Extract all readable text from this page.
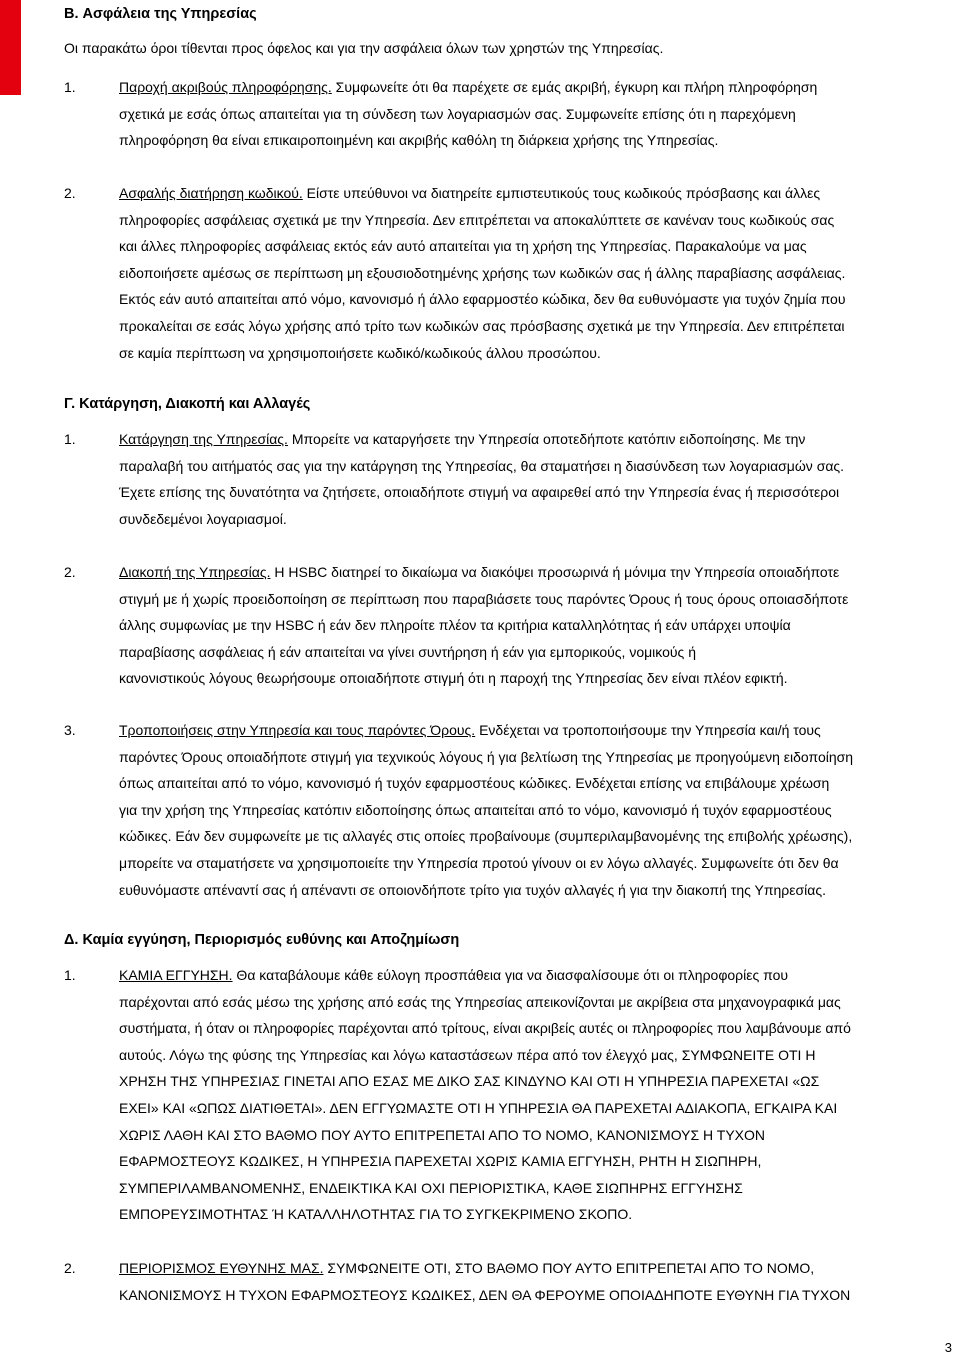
B. Ασφάλεια της Υπηρεσίας
Οι παρακάτω όροι τίθενται προς όφελος και για την ασφάλεια όλων των χρηστών της Υπηρεσίας.
1.	Παροχή ακριβούς πληροφόρησης. Συμφωνείτε ότι θα παρέχετε σε εμάς ακριβή, έγκυρη και πλήρη πληροφόρηση
σχετικά με εσάς όπως απαιτείται για τη σύνδεση των λογαριασμών σας. Συμφωνείτε επίσης ότι η παρεχόμενη
πληροφόρηση θα είναι επικαιροποιημένη και ακριβής καθόλη τη διάρκεια χρήσης της Υπηρεσίας.
2.	Ασφαλής διατήρηση κωδικού. Είστε υπεύθυνοι να διατηρείτε εμπιστευτικούς τους κωδικούς πρόσβασης και άλλες
πληροφορίες ασφάλειας σχετικά με την Υπηρεσία. Δεν επιτρέπεται να αποκαλύπτετε σε κανέναν τους κωδικούς σας
και άλλες πληροφορίες ασφάλειας εκτός εάν αυτό απαιτείται για τη χρήση της Υπηρεσίας. Παρακαλούμε να μας
ειδοποιήσετε αμέσως σε περίπτωση μη εξουσιοδοτημένης χρήσης των κωδικών σας ή άλλης παραβίασης ασφάλειας.
Εκτός εάν αυτό απαιτείται από νόμο, κανονισμό ή άλλο εφαρμοστέο κώδικα, δεν θα ευθυνόμαστε για τυχόν ζημία που
προκαλείται σε εσάς λόγω χρήσης από τρίτο των κωδικών σας πρόσβασης σχετικά με την Υπηρεσία. Δεν επιτρέπεται
σε καμία περίπτωση να χρησιμοποιήσετε κωδικό/κωδικούς άλλου προσώπου.
Γ. Κατάργηση, Διακοπή και Αλλαγές
1.	Κατάργηση της Υπηρεσίας. Μπορείτε να καταργήσετε την Υπηρεσία οποτεδήποτε κατόπιν ειδοποίησης. Με την
παραλαβή του αιτήματός σας για την κατάργηση της Υπηρεσίας, θα σταματήσει η διασύνδεση των λογαριασμών σας.
Έχετε επίσης της δυνατότητα να ζητήσετε, οποιαδήποτε στιγμή να αφαιρεθεί από την Υπηρεσία ένας ή περισσότεροι
συνδεδεμένοι λογαριασμοί.
2.	Διακοπή της Υπηρεσίας. Η HSBC διατηρεί το δικαίωμα να διακόψει προσωρινά ή μόνιμα την Υπηρεσία οποιαδήποτε
στιγμή με ή χωρίς προειδοποίηση σε περίπτωση που παραβιάσετε τους παρόντες Όρους ή τους όρους οποιασδήποτε
άλλης συμφωνίας με την HSBC ή εάν δεν πληροίτε πλέον τα κριτήρια καταλληλότητας ή εάν υπάρχει υποψία
παραβίασης ασφάλειας ή εάν απαιτείται να γίνει συντήρηση ή εάν για εμπορικούς, νομικούς ή
κανονιστικούς λόγους θεωρήσουμε οποιαδήποτε στιγμή ότι η παροχή της Υπηρεσίας δεν είναι πλέον εφικτή.
3.	Τροποποιήσεις στην Υπηρεσία και τους παρόντες Όρους. Ενδέχεται να τροποποιήσουμε την Υπηρεσία και/ή τους
παρόντες Όρους οποιαδήποτε στιγμή για τεχνικούς λόγους ή για βελτίωση της Υπηρεσίας με προηγούμενη ειδοποίηση
όπως απαιτείται από το νόμο, κανονισμό ή τυχόν εφαρμοστέους κώδικες. Ενδέχεται επίσης να επιβάλουμε χρέωση
για την χρήση της Υπηρεσίας κατόπιν ειδοποίησης όπως απαιτείται από το νόμο, κανονισμό ή τυχόν εφαρμοστέους
κώδικες. Εάν δεν συμφωνείτε με τις αλλαγές στις οποίες προβαίνουμε (συμπεριλαμβανομένης της επιβολής χρέωσης),
μπορείτε να σταματήσετε να χρησιμοποιείτε την Υπηρεσία προτού γίνουν οι εν λόγω αλλαγές. Συμφωνείτε ότι δεν θα
ευθυνόμαστε απέναντί σας ή απέναντι σε οποιονδήποτε τρίτο για τυχόν αλλαγές ή για την διακοπή της Υπηρεσίας.
Δ. Καμία εγγύηση, Περιορισμός ευθύνης και Αποζημίωση
1.	ΚΑΜΙΑ ΕΓΓΥΗΣΗ. Θα καταβάλουμε κάθε εύλογη προσπάθεια για να διασφαλίσουμε ότι οι πληροφορίες που
παρέχονται από εσάς μέσω της χρήσης από εσάς της Υπηρεσίας απεικονίζονται με ακρίβεια στα μηχανογραφικά μας
συστήματα, ή όταν οι πληροφορίες παρέχονται από τρίτους, είναι ακριβείς αυτές οι πληροφορίες που λαμβάνουμε από
αυτούς. Λόγω της φύσης της Υπηρεσίας και λόγω καταστάσεων πέρα από τον έλεγχό μας, ΣΥΜΦΩΝΕΙΤΕ ΟΤΙ Η
ΧΡΗΣΗ ΤΗΣ ΥΠΗΡΕΣΙΑΣ ΓΙΝΕΤΑΙ ΑΠΟ ΕΣΑΣ ΜΕ ΔΙΚΟ ΣΑΣ ΚΙΝΔΥΝΟ ΚΑΙ ΟΤΙ Η ΥΠΗΡΕΣΙΑ ΠΑΡΕΧΕΤΑΙ «ΩΣ
ΕΧΕΙ» ΚΑΙ «ΩΠΩΣ ΔΙΑΤΙΘΕΤΑΙ». ΔΕΝ ΕΓΓΥΩΜΑΣΤΕ ΟΤΙ Η ΥΠΗΡΕΣΙΑ ΘΑ ΠΑΡΕΧΕΤΑΙ ΑΔΙΑΚΟΠΑ, ΕΓΚΑΙΡΑ ΚΑΙ
ΧΩΡΙΣ ΛΑΘΗ ΚΑΙ ΣΤΟ ΒΑΘΜΟ ΠΟΥ ΑΥΤΟ ΕΠΙΤΡΕΠΕΤΑΙ ΑΠΟ ΤΟ ΝΟΜΟ, ΚΑΝΟΝΙΣΜΟΥΣ Η ΤΥΧΟΝ
ΕΦΑΡΜΟΣΤΕΟΥΣ ΚΩΔΙΚΕΣ, Η ΥΠΗΡΕΣΙΑ ΠΑΡΕΧΕΤΑΙ ΧΩΡΙΣ ΚΑΜΙΑ ΕΓΓΥΗΣΗ, ΡΗΤΗ Η ΣΙΩΠΗΡΗ,
ΣΥΜΠΕΡΙΛΑΜΒΑΝΟΜΕΝΗΣ, ΕΝΔΕΙΚΤΙΚΑ ΚΑΙ ΟΧΙ ΠΕΡΙΟΡΙΣΤΙΚΑ, ΚΑΘΕ ΣΙΩΠΗΡΗΣ ΕΓΓΥΗΣΗΣ
ΕΜΠΟΡΕΥΣΙΜΟΤΗΤΑΣ Ή ΚΑΤΑΛΛΗΛΟΤΗΤΑΣ ΓΙΑ ΤΟ ΣΥΓΚΕΚΡΙΜΕΝΟ ΣΚΟΠΟ.
2.	ΠΕΡΙΟΡΙΣΜΟΣ ΕΥΘΥΝΗΣ ΜΑΣ. ΣΥΜΦΩΝΕΙΤΕ ΟΤΙ, ΣΤΟ ΒΑΘΜΟ ΠΟΥ ΑΥΤΟ ΕΠΙΤΡΕΠΕΤΑΙ ΑΠΌ ΤΟ ΝΟΜΟ,
ΚΑΝΟΝΙΣΜΟΥΣ Η ΤΥΧΟΝ ΕΦΑΡΜΟΣΤΕΟΥΣ ΚΩΔΙΚΕΣ, ΔΕΝ ΘΑ ΦΕΡΟΥΜΕ ΟΠΟΙΑΔΗΠΟΤΕ ΕΥΘΥΝΗ ΓΙΑ ΤΥΧΟΝ
3
